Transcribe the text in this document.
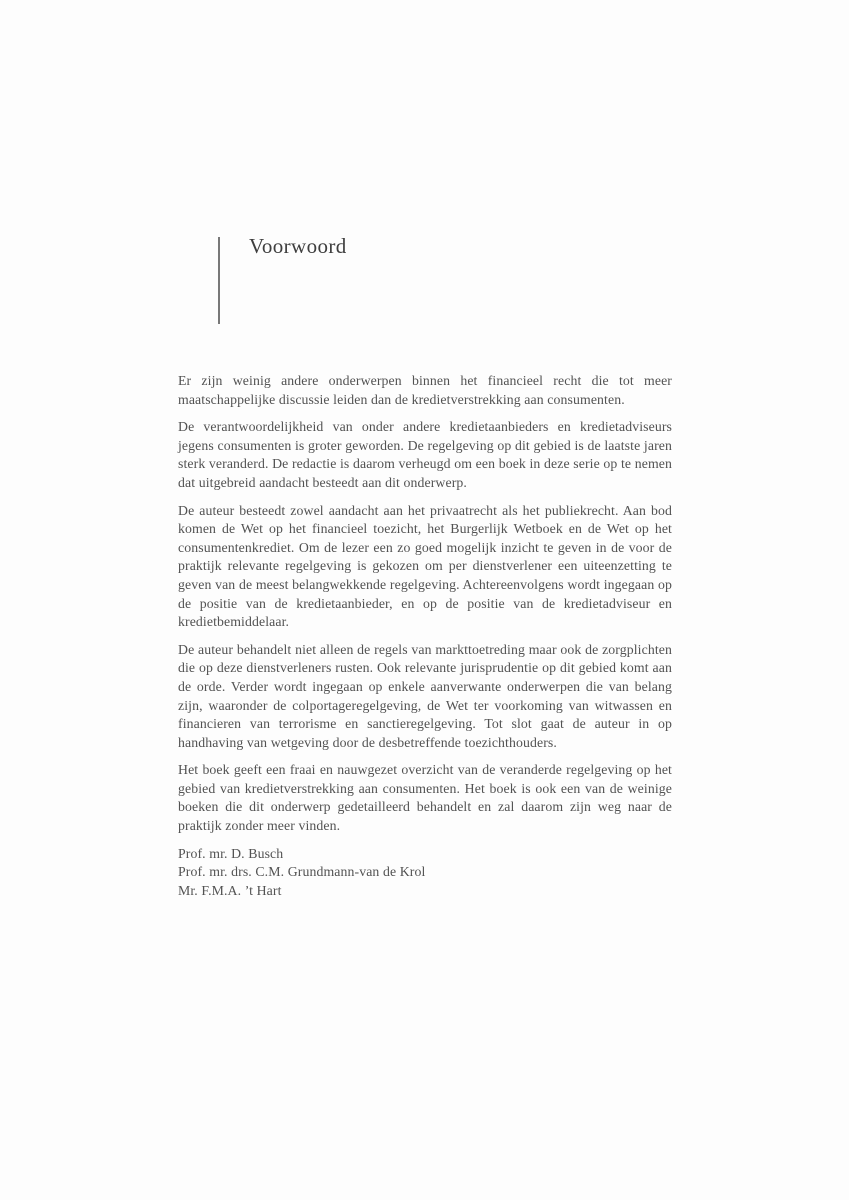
Voorwoord

Er zijn weinig andere onderwerpen binnen het financieel recht die tot meer maatschappelijke discussie leiden dan de kredietverstrekking aan consumenten.

De verantwoordelijkheid van onder andere kredietaanbieders en kredietadviseurs jegens consumenten is groter geworden. De regelgeving op dit gebied is de laatste jaren sterk veranderd. De redactie is daarom verheugd om een boek in deze serie op te nemen dat uitgebreid aandacht besteedt aan dit onderwerp.

De auteur besteedt zowel aandacht aan het privaatrecht als het publiekrecht. Aan bod komen de Wet op het financieel toezicht, het Burgerlijk Wetboek en de Wet op het consumentenkrediet. Om de lezer een zo goed mogelijk inzicht te geven in de voor de praktijk relevante regelgeving is gekozen om per dienstverlener een uiteenzetting te geven van de meest belangwekkende regelgeving. Achtereenvolgens wordt ingegaan op de positie van de kredietaanbieder, en op de positie van de kredietadviseur en kredietbemiddelaar.

De auteur behandelt niet alleen de regels van markttoetreding maar ook de zorgplichten die op deze dienstverleners rusten. Ook relevante jurisprudentie op dit gebied komt aan de orde. Verder wordt ingegaan op enkele aanverwante onderwerpen die van belang zijn, waaronder de colportageregelgeving, de Wet ter voorkoming van witwassen en financieren van terrorisme en sanctieregelgeving. Tot slot gaat de auteur in op handhaving van wetgeving door de desbetreffende toezichthouders.

Het boek geeft een fraai en nauwgezet overzicht van de veranderde regelgeving op het gebied van kredietverstrekking aan consumenten. Het boek is ook een van de weinige boeken die dit onderwerp gedetailleerd behandelt en zal daarom zijn weg naar de praktijk zonder meer vinden.

Prof. mr. D. Busch

Prof. mr. drs. C.M. Grundmann-van de Krol

Mr. F.M.A. ’t Hart
